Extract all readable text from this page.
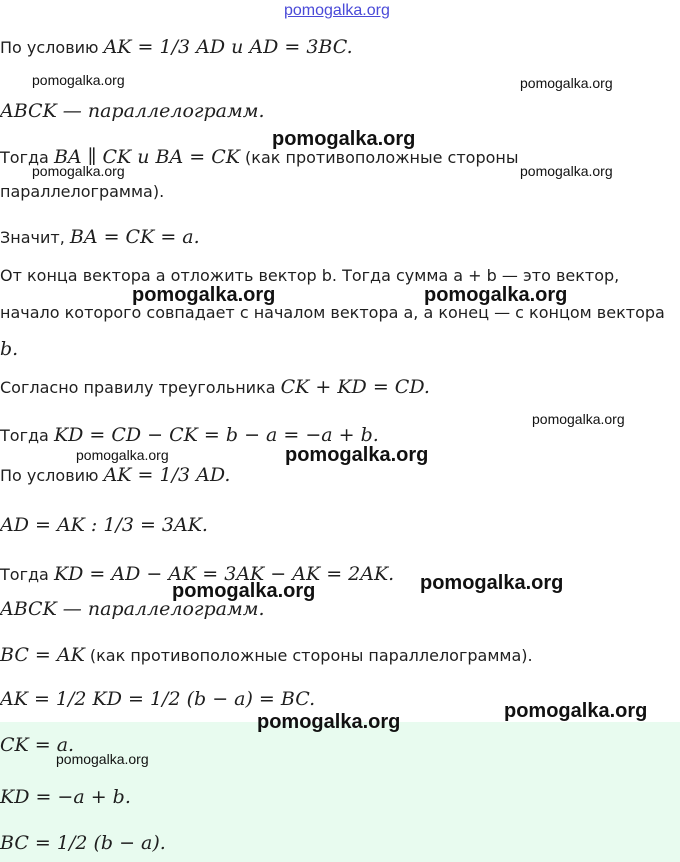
pomogalka.org
pomogalka.org	pomogalka.org
pomogalka.org
pomogalka.org	pomogalka.org
pomogalka.org	pomogalka.org
pomogalka.org
pomogalka.org	pomogalka.org
pomogalka.org
pomogalka.org
pomogalka.org
pomogalka.org
pomogalka.org
По условию AK = 1/3 AD и AD = 3BC.
ABCK — параллелограмм.
Тогда BA ∥ CK и BA = CK (как противоположные стороны
параллелограмма).
Значит, BA = CK = a.
От конца вектора a отложить вектор b. Тогда сумма a + b — это вектор,
начало которого совпадает с началом вектора a, а конец — с концом вектора
b.
Согласно правилу треугольника CK + KD = CD.
Тогда KD = CD − CK = b − a = −a + b.
По условию AK = 1/3 AD.
AD = AK : 1/3 = 3AK.
Тогда KD = AD − AK = 3AK − AK = 2AK.
ABCK — параллелограмм.
BC = AK (как противоположные стороны параллелограмма).
AK = 1/2 KD = 1/2 (b − a) = BC.
CK = a.
KD = −a + b.
BC = 1/2 (b − a).
